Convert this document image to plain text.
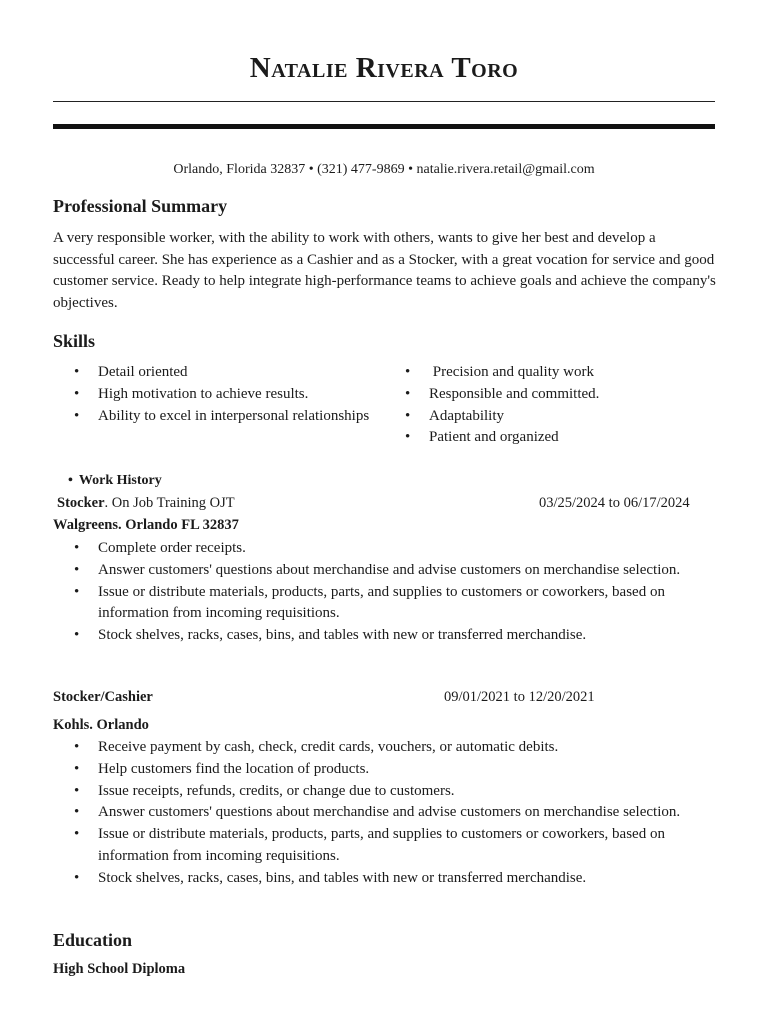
Natalie Rivera Toro
Orlando, Florida 32837 • (321) 477-9869 • natalie.rivera.retail@gmail.com
Professional Summary

A very responsible worker, with the ability to work with others, wants to give her best and develop a successful career. She has experience as a Cashier and as a Stocker, with a great vocation for service and good customer service. Ready to help integrate high-performance teams to achieve goals and achieve the company's objectives.

Skills
• Detail oriented
• High motivation to achieve results.
• Ability to excel in interpersonal relationships
•  Precision and quality work
• Responsible and committed.
• Adaptability
• Patient and organized
• Work History
Stocker. On Job Training OJT	03/25/2024 to 06/17/2024
Walgreens. Orlando FL 32837
• Complete order receipts.
• Answer customers' questions about merchandise and advise customers on merchandise selection.
• Issue or distribute materials, products, parts, and supplies to customers or coworkers, based on information from incoming requisitions.
• Stock shelves, racks, cases, bins, and tables with new or transferred merchandise.
Stocker/Cashier	09/01/2021 to 12/20/2021
Kohls. Orlando
• Receive payment by cash, check, credit cards, vouchers, or automatic debits.
• Help customers find the location of products.
• Issue receipts, refunds, credits, or change due to customers.
• Answer customers' questions about merchandise and advise customers on merchandise selection.
• Issue or distribute materials, products, parts, and supplies to customers or coworkers, based on information from incoming requisitions.
• Stock shelves, racks, cases, bins, and tables with new or transferred merchandise.
Education
High School Diploma
